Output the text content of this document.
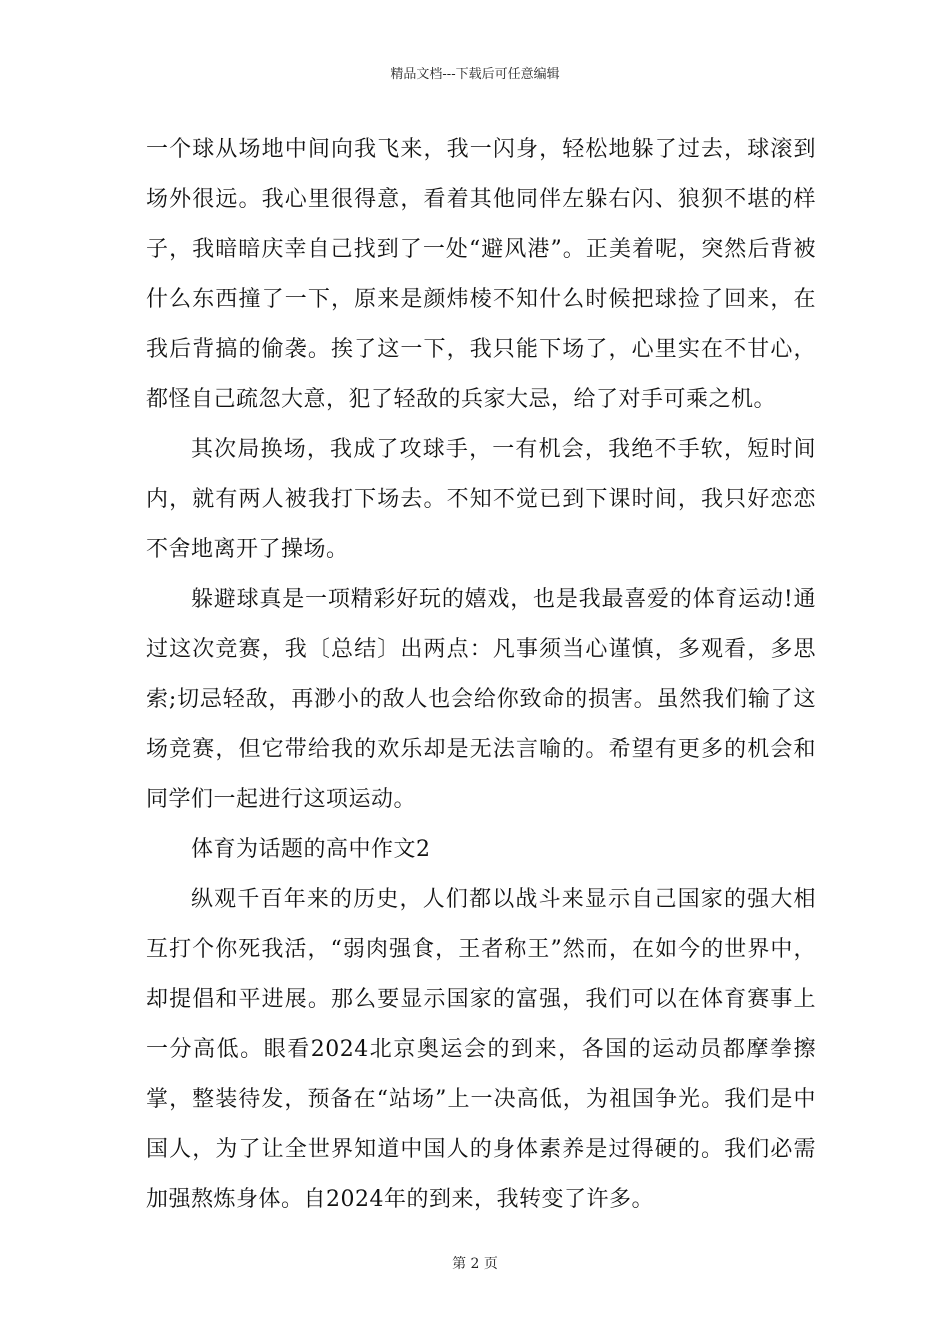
精品文档---下载后可任意编辑

一个球从场地中间向我飞来，我一闪身，轻松地躲了过去，球滚到场外很远。我心里很得意，看着其他同伴左躲右闪、狼狈不堪的样子，我暗暗庆幸自己找到了一处“避风港”。正美着呢，突然后背被什么东西撞了一下，原来是颜炜棱不知什么时候把球捡了回来，在我后背搞的偷袭。挨了这一下，我只能下场了，心里实在不甘心，都怪自己疏忽大意，犯了轻敌的兵家大忌，给了对手可乘之机。

其次局换场，我成了攻球手，一有机会，我绝不手软，短时间内，就有两人被我打下场去。不知不觉已到下课时间，我只好恋恋不舍地离开了操场。

躲避球真是一项精彩好玩的嬉戏，也是我最喜爱的体育运动!通过这次竞赛，我〔总结〕出两点：凡事须当心谨慎，多观看，多思索;切忌轻敌，再渺小的敌人也会给你致命的损害。虽然我们输了这场竞赛，但它带给我的欢乐却是无法言喻的。希望有更多的机会和同学们一起进行这项运动。

体育为话题的高中作文2

纵观千百年来的历史，人们都以战斗来显示自己国家的强大相互打个你死我活，“弱肉强食，王者称王”然而，在如今的世界中，却提倡和平进展。那么要显示国家的富强，我们可以在体育赛事上一分高低。眼看2024北京奥运会的到来，各国的运动员都摩拳擦掌，整装待发，预备在“站场”上一决高低，为祖国争光。我们是中国人，为了让全世界知道中国人的身体素养是过得硬的。我们必需加强熬炼身体。自2024年的到来，我转变了许多。

第 2 页
